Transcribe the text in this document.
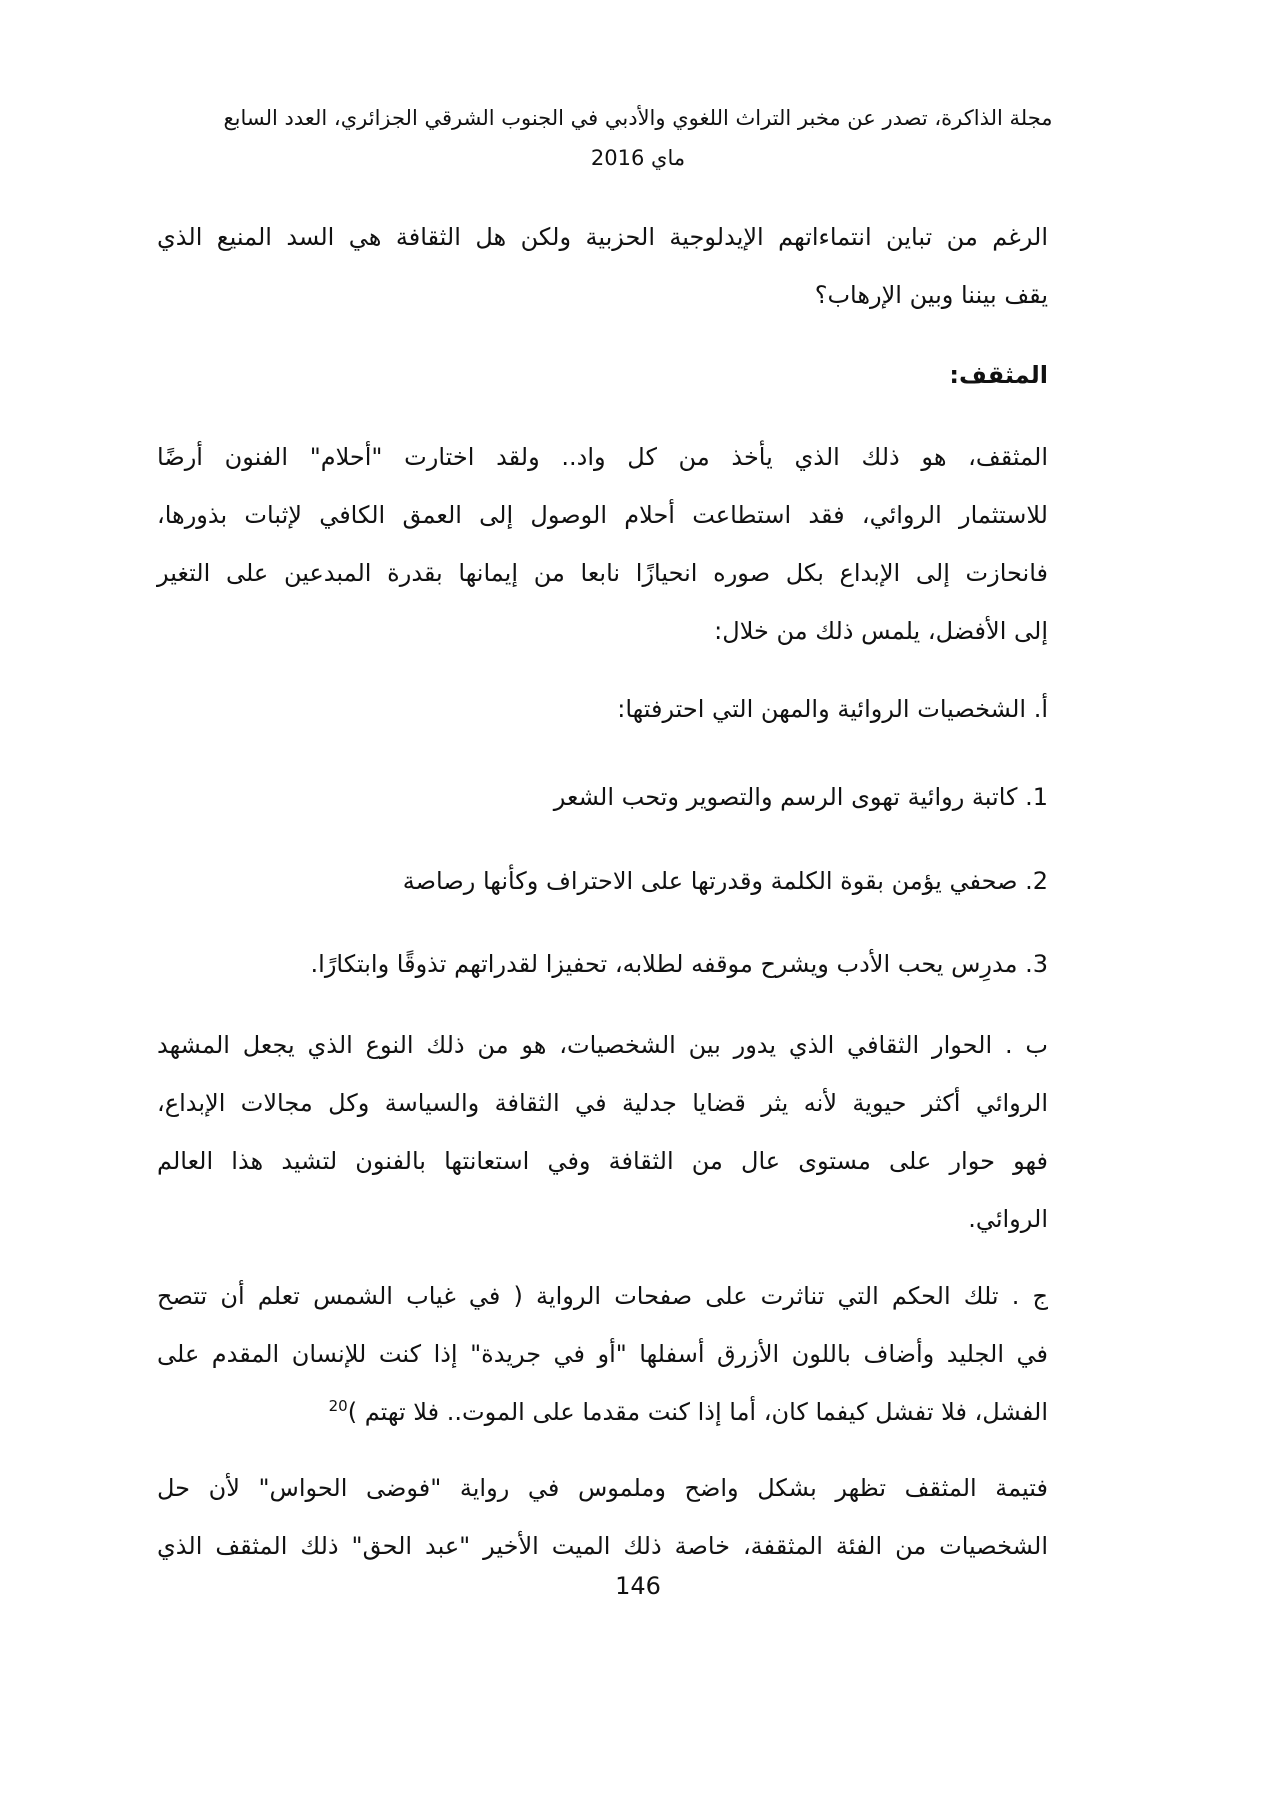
مجلة الذاكرة، تصدر عن مخبر التراث اللغوي والأدبي في الجنوب الشرقي الجزائري، العدد السابع
ماي 2016
الرغم من تباين انتماءاتهم الإيدلوجية الحزبية ولكن هل الثقافة هي السد المنيع الذي
يقف بيننا وبين الإرهاب؟
المثقف:
المثقف، هو ذلك الذي يأخذ من كل واد.. ولقد اختارت "أحلام" الفنون أرضًا
للاستثمار الروائي، فقد استطاعت أحلام الوصول إلى العمق الكافي لإثبات بذورها،
فانحازت إلى الإبداع بكل صوره انحيازًا نابعا من إيمانها بقدرة المبدعين على التغير
إلى الأفضل، يلمس ذلك من خلال:
أ. الشخصيات الروائية والمهن التي احترفتها:
1. كاتبة روائية تهوى الرسم والتصوير وتحب الشعر
2. صحفي يؤمن بقوة الكلمة وقدرتها على الاحتراف وكأنها رصاصة
3. مدرِس يحب الأدب ويشرح موقفه لطلابه، تحفيزا لقدراتهم تذوقًا وابتكارًا.
ب . الحوار الثقافي الذي يدور بين الشخصيات، هو من ذلك النوع الذي يجعل المشهد
الروائي أكثر حيوية لأنه يثر قضايا جدلية في الثقافة والسياسة وكل مجالات الإبداع،
فهو حوار على مستوى عال من الثقافة وفي استعانتها بالفنون لتشيد هذا العالم
الروائي.
ج . تلك الحكم التي تناثرت على صفحات الرواية ( في غياب الشمس تعلم أن تتصح
في الجليد وأضاف باللون الأزرق أسفلها "أو في جريدة" إذا كنت للإنسان المقدم على
الفشل، فلا تفشل كيفما كان، أما إذا كنت مقدما على الموت.. فلا تهتم )$^{20}$
فتيمة المثقف تظهر بشكل واضح وملموس في رواية "فوضى الحواس" لأن حل
الشخصيات من الفئة المثقفة، خاصة ذلك الميت الأخير "عبد الحق" ذلك المثقف الذي
146
